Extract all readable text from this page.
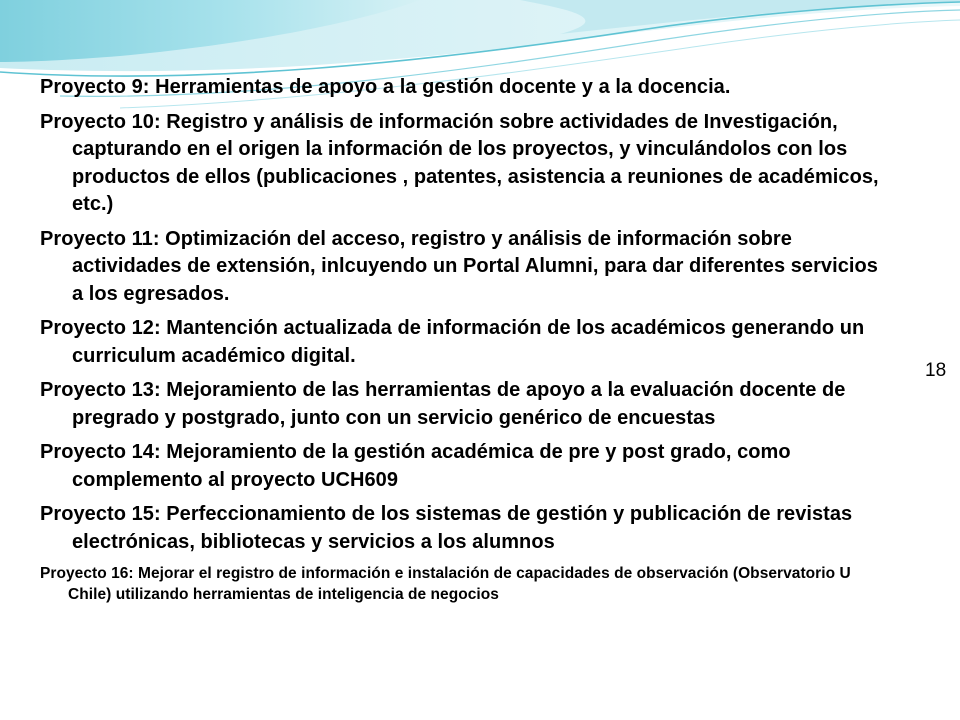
Proyecto 9: Herramientas de apoyo a la gestión docente y a la docencia.

Proyecto 10: Registro y análisis de información sobre actividades de Investigación, capturando en el origen la información de los proyectos, y vinculándolos con los productos de ellos (publicaciones , patentes, asistencia a reuniones de académicos, etc.)

Proyecto 11: Optimización del acceso, registro y análisis de información sobre actividades de extensión, inlcuyendo un Portal Alumni, para dar diferentes servicios a los egresados.

Proyecto 12: Mantención actualizada de información de los académicos generando un curriculum académico digital.

Proyecto 13: Mejoramiento de las herramientas de apoyo a la evaluación docente de pregrado y postgrado, junto con un servicio genérico de encuestas

Proyecto 14: Mejoramiento de la gestión académica de pre y post grado, como complemento al proyecto UCH609

Proyecto 15: Perfeccionamiento de los sistemas de gestión y publicación de revistas electrónicas, bibliotecas y servicios a los alumnos

Proyecto 16: Mejorar el registro de información e instalación de capacidades de observación (Observatorio U Chile) utilizando herramientas de inteligencia de negocios

18
